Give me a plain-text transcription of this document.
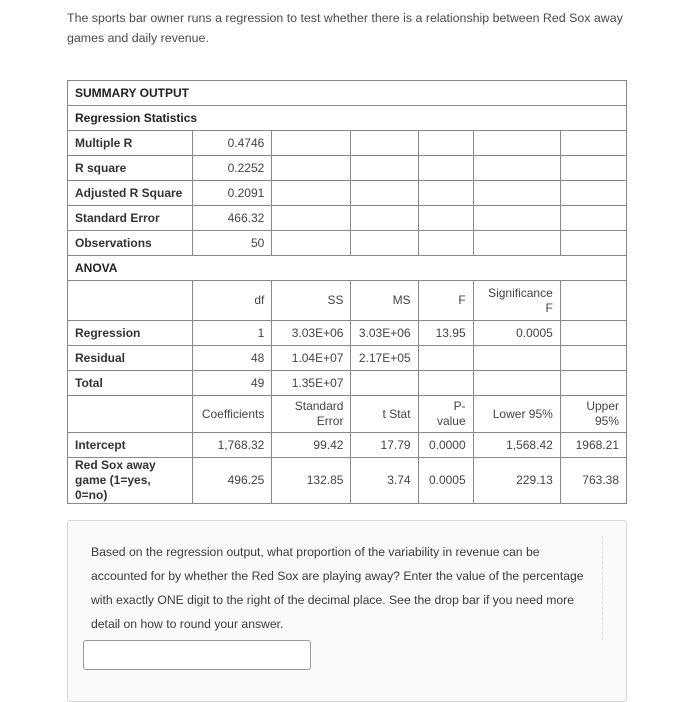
The sports bar owner runs a regression to test whether there is a relationship between Red Sox away games and daily revenue.
SUMMARY OUTPUT						
Regression Statistics						
Multiple R	0.4746					
R square	0.2252					
Adjusted R Square	0.2091					
Standard Error	466.32					
Observations	50					
ANOVA						
	df	SS	MS	F	Significance F	
Regression	1	3.03E+06	3.03E+06	13.95	0.0005	
Residual	48	1.04E+07	2.17E+05			
Total	49	1.35E+07				
	Coefficients	Standard Error	t Stat	P-value	Lower 95%	Upper 95%
Intercept	1,768.32	99.42	17.79	0.0000	1,568.42	1968.21
Red Sox away game (1=yes, 0=no)	496.25	132.85	3.74	0.0005	229.13	763.38
Based on the regression output, what proportion of the variability in revenue can be accounted for by whether the Red Sox are playing away? Enter the value of the percentage with exactly ONE digit to the right of the decimal place. See the drop bar if you need more detail on how to round your answer.
